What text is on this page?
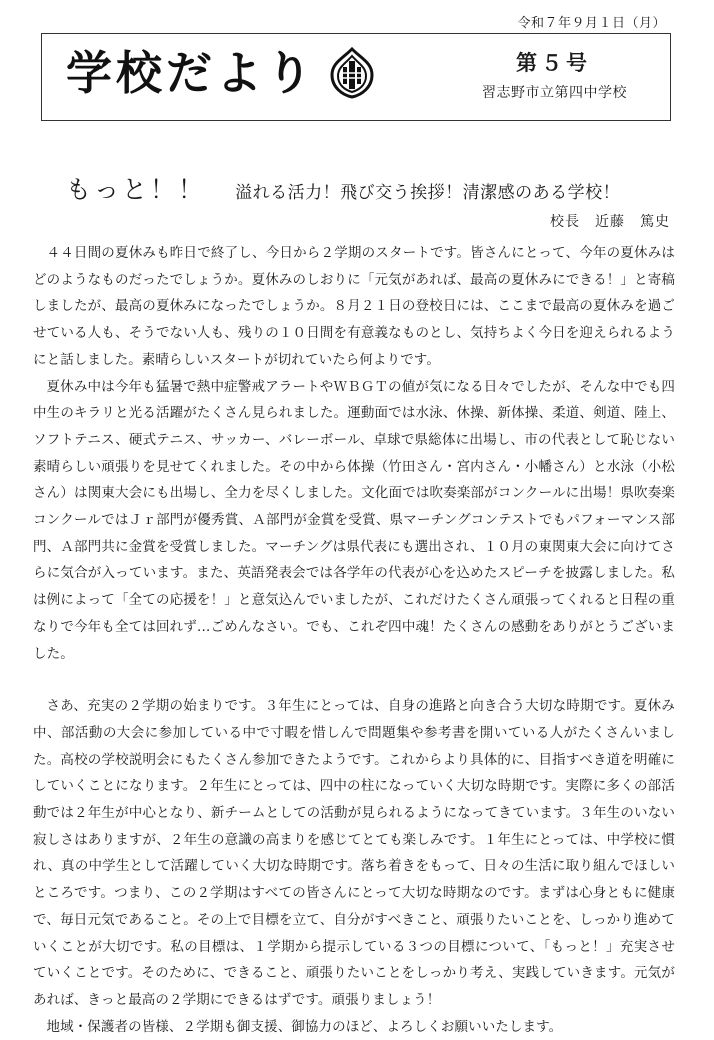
令和７年９月１日（月）
学校だより	第５号
習志野市立第四中学校
もっと！！ 溢れる活力！飛び交う挨拶！清潔感のある学校！
校長　近藤　篤史

４４日間の夏休みも昨日で終了し、今日から２学期のスタートです。皆さんにとって、今年の夏休みはどのようなものだったでしょうか。夏休みのしおりに「元気があれば、最高の夏休みにできる！」と寄稿しましたが、最高の夏休みになったでしょうか。８月２１日の登校日には、ここまで最高の夏休みを過ごせている人も、そうでない人も、残りの１０日間を有意義なものとし、気持ちよく今日を迎えられるようにと話しました。素晴らしいスタートが切れていたら何よりです。

夏休み中は今年も猛暑で熱中症警戒アラートやＷＢＧＴの値が気になる日々でしたが、そんな中でも四中生のキラリと光る活躍がたくさん見られました。運動面では水泳、休操、新体操、柔道、剣道、陸上、ソフトテニス、硬式テニス、サッカー、バレーボール、卓球で県総体に出場し、市の代表として恥じない素晴らしい頑張りを見せてくれました。その中から体操（竹田さん・宮内さん・小幡さん）と水泳（小松さん）は関東大会にも出場し、全力を尽くしました。文化面では吹奏楽部がコンクールに出場！県吹奏楽コンクールではＪｒ部門が優秀賞、Ａ部門が金賞を受賞、県マーチングコンテストでもパフォーマンス部門、Ａ部門共に金賞を受賞しました。マーチングは県代表にも選出され、１０月の東関東大会に向けてさらに気合が入っています。また、英語発表会では各学年の代表が心を込めたスピーチを披露しました。私は例によって「全ての応援を！」と意気込んでいましたが、これだけたくさん頑張ってくれると日程の重なりで今年も全ては回れず…ごめんなさい。でも、これぞ四中魂！たくさんの感動をありがとうございました。

さあ、充実の２学期の始まりです。３年生にとっては、自身の進路と向き合う大切な時期です。夏休み中、部活動の大会に参加している中で寸暇を惜しんで問題集や参考書を開いている人がたくさんいました。高校の学校説明会にもたくさん参加できたようです。これからより具体的に、目指すべき道を明確にしていくことになります。２年生にとっては、四中の柱になっていく大切な時期です。実際に多くの部活動では２年生が中心となり、新チームとしての活動が見られるようになってきています。３年生のいない寂しさはありますが、２年生の意識の高まりを感じてとても楽しみです。１年生にとっては、中学校に慣れ、真の中学生として活躍していく大切な時期です。落ち着きをもって、日々の生活に取り組んでほしいところです。つまり、この２学期はすべての皆さんにとって大切な時期なのです。まずは心身ともに健康で、毎日元気であること。その上で目標を立て、自分がすべきこと、頑張りたいことを、しっかり進めていくことが大切です。私の目標は、１学期から提示している３つの目標について、「もっと！」充実させていくことです。そのために、できること、頑張りたいことをしっかり考え、実践していきます。元気があれば、きっと最高の２学期にできるはずです。頑張りましょう！

地域・保護者の皆様、２学期も御支援、御協力のほど、よろしくお願いいたします。
